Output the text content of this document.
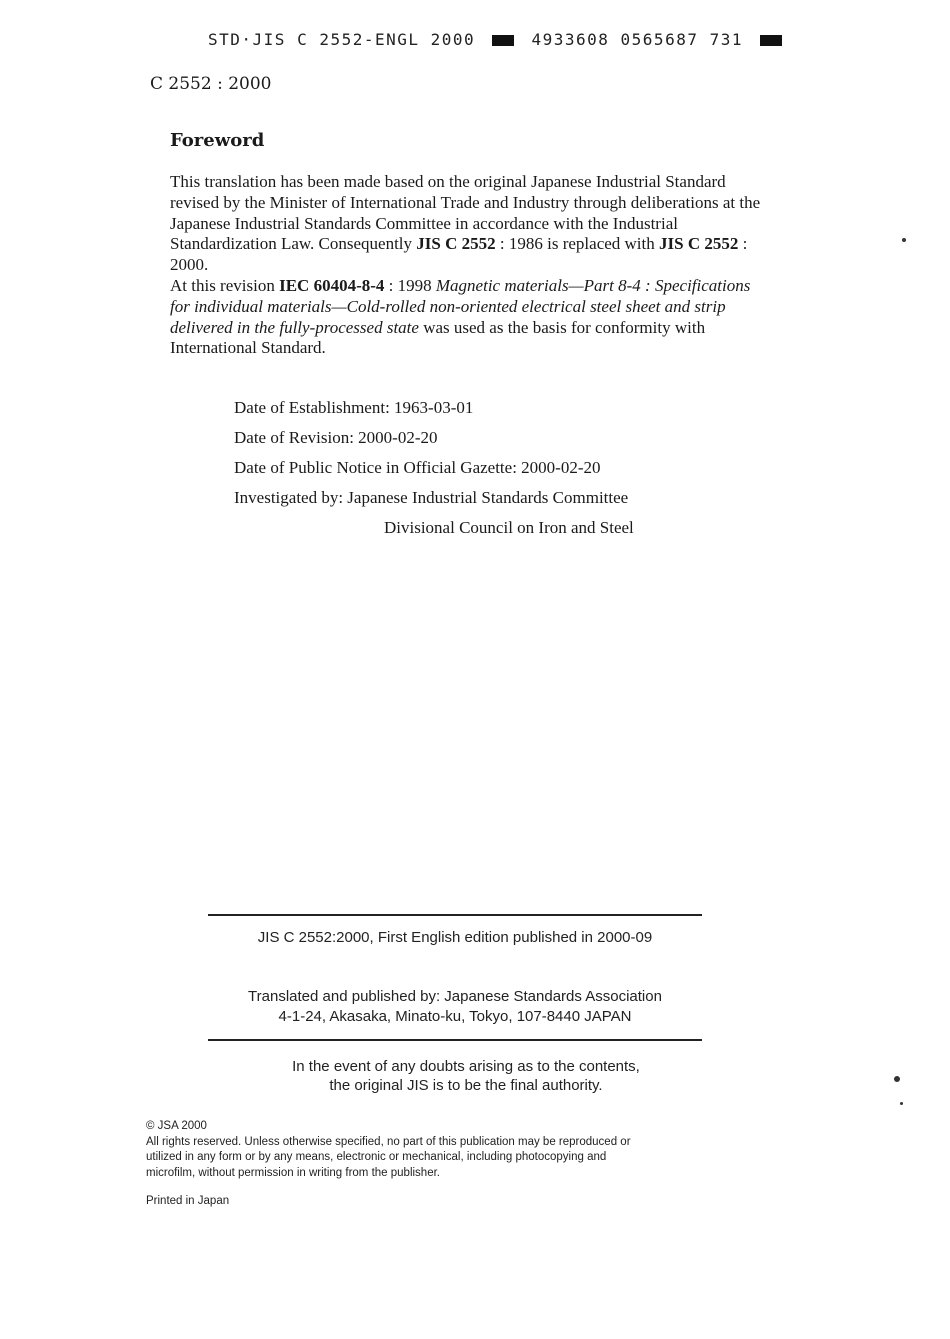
STD·JIS C 2552-ENGL 2000	4933608 0565687 731
C 2552 : 2000
Foreword

This translation has been made based on the original Japanese Industrial Standard revised by the Minister of International Trade and Industry through deliberations at the Japanese Industrial Standards Committee in accordance with the Industrial Standardization Law. Consequently JIS C 2552 : 1986 is replaced with JIS C 2552 : 2000.

At this revision IEC 60404-8-4 : 1998 Magnetic materials—Part 8-4 : Specifications for individual materials—Cold-rolled non-oriented electrical steel sheet and strip delivered in the fully-processed state was used as the basis for conformity with International Standard.

Date of Establishment: 1963-03-01
Date of Revision: 2000-02-20
Date of Public Notice in Official Gazette: 2000-02-20
Investigated by: Japanese Industrial Standards Committee
Divisional Council on Iron and Steel
JIS C 2552:2000, First English edition published in 2000-09
Translated and published by: Japanese Standards Association
4-1-24, Akasaka, Minato-ku, Tokyo, 107-8440 JAPAN
In the event of any doubts arising as to the contents,
the original JIS is to be the final authority.
© JSA 2000
All rights reserved. Unless otherwise specified, no part of this publication may be reproduced or
utilized in any form or by any means, electronic or mechanical, including photocopying and
microfilm, without permission in writing from the publisher.
Printed in Japan
